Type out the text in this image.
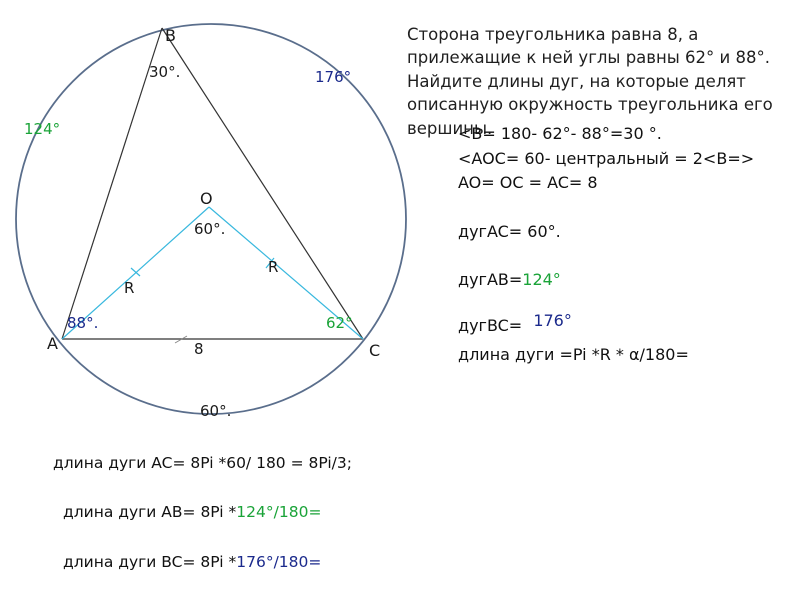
B
A	C
O
30°.
88°.	62°
60°.
R
R
8
124°
176°
60°.

Сторона треугольника равна 8, а прилежащие к ней углы равны 62° и 88°. Найдите длины дуг, на которые делят описанную окружность треугольника его вершины.

<B= 180- 62°- 88°=30 °.
<AOC= 60- центральный = 2<B=>
AO= OC = AC= 8
дугAC= 60°.
дугAB=124°
дугBC= 176°
длина дуги =Pi *R * α/180=
длина дуги AC= 8Pi *60/ 180 = 8Pi/3;
длина дуги AB= 8Pi *124°/180=
длина дуги BC= 8Pi *176°/180=
